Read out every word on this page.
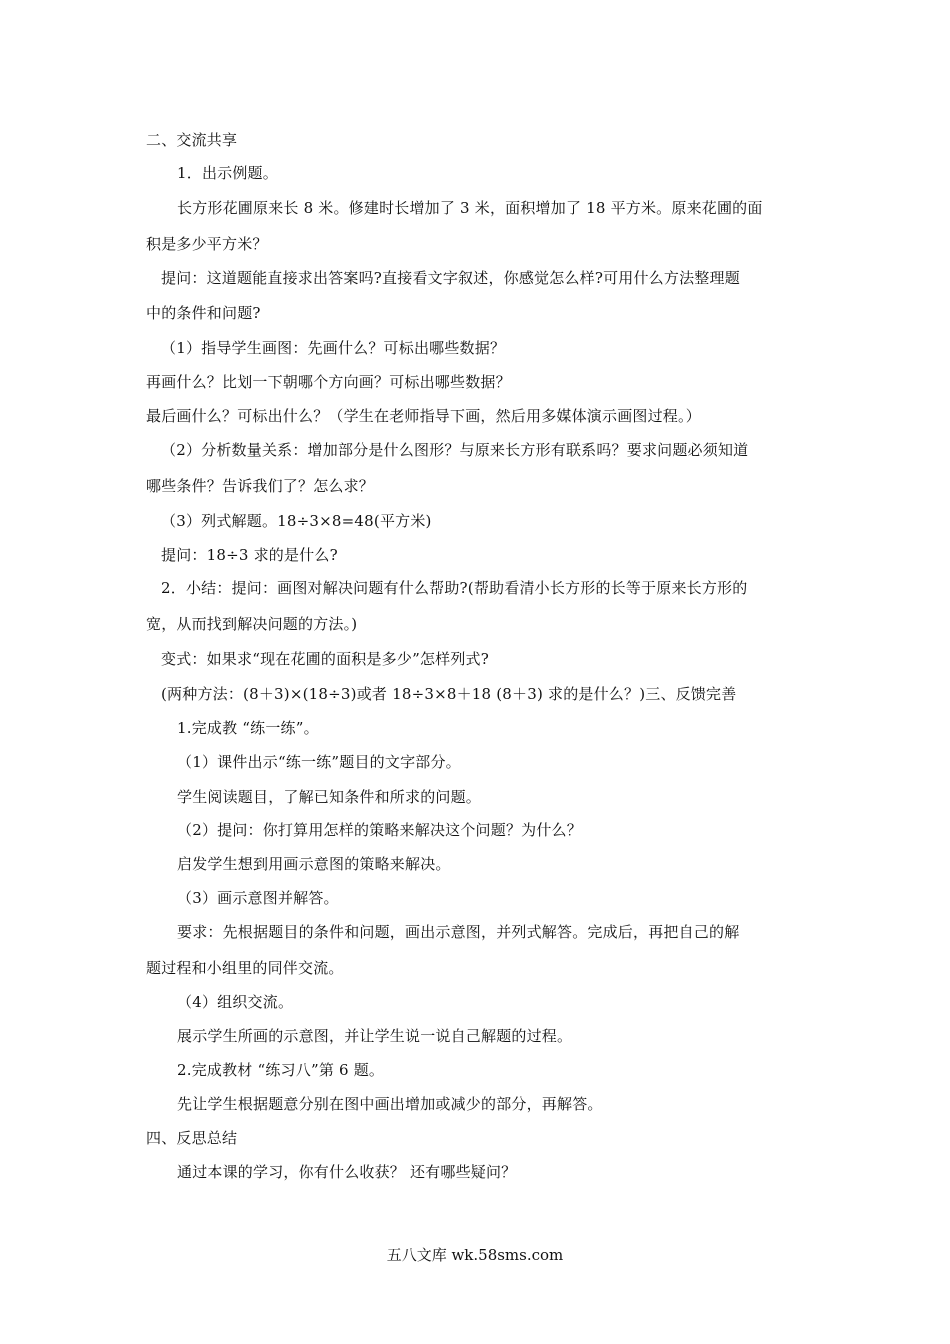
二、交流共享
1．出示例题。
长方形花圃原来长 8 米。修建时长增加了 3 米，面积增加了 18 平方米。原来花圃的面
积是多少平方米？
提问：这道题能直接求出答案吗?直接看文字叙述，你感觉怎么样?可用什么方法整理题
中的条件和问题?
（1）指导学生画图：先画什么？可标出哪些数据？
再画什么？比划一下朝哪个方向画？可标出哪些数据？
最后画什么？可标出什么？（学生在老师指导下画，然后用多媒体演示画图过程。）
（2）分析数量关系：增加部分是什么图形？与原来长方形有联系吗？要求问题必须知道
哪些条件？告诉我们了？怎么求？
（3）列式解题。18÷3×8=48(平方米)
提问：18÷3 求的是什么?
2．小结：提问：画图对解决问题有什么帮助?(帮助看清小长方形的长等于原来长方形的
宽，从而找到解决问题的方法。)
变式：如果求“现在花圃的面积是多少”怎样列式?
(两种方法：(8＋3)×(18÷3)或者 18÷3×8＋18 (8＋3) 求的是什么？)三、反馈完善
1.完成教 “练一练”。
（1）课件出示“练一练”题目的文字部分。
学生阅读题目，了解已知条件和所求的问题。
（2）提问：你打算用怎样的策略来解决这个问题？为什么？
启发学生想到用画示意图的策略来解决。
（3）画示意图并解答。
要求：先根据题目的条件和问题，画出示意图，并列式解答。完成后，再把自己的解
题过程和小组里的同伴交流。
（4）组织交流。
展示学生所画的示意图，并让学生说一说自己解题的过程。
2.完成教材 “练习八”第 6 题。
先让学生根据题意分别在图中画出增加或减少的部分，再解答。
四、反思总结
通过本课的学习，你有什么收获？ 还有哪些疑问？
五八文库 wk.58sms.com
